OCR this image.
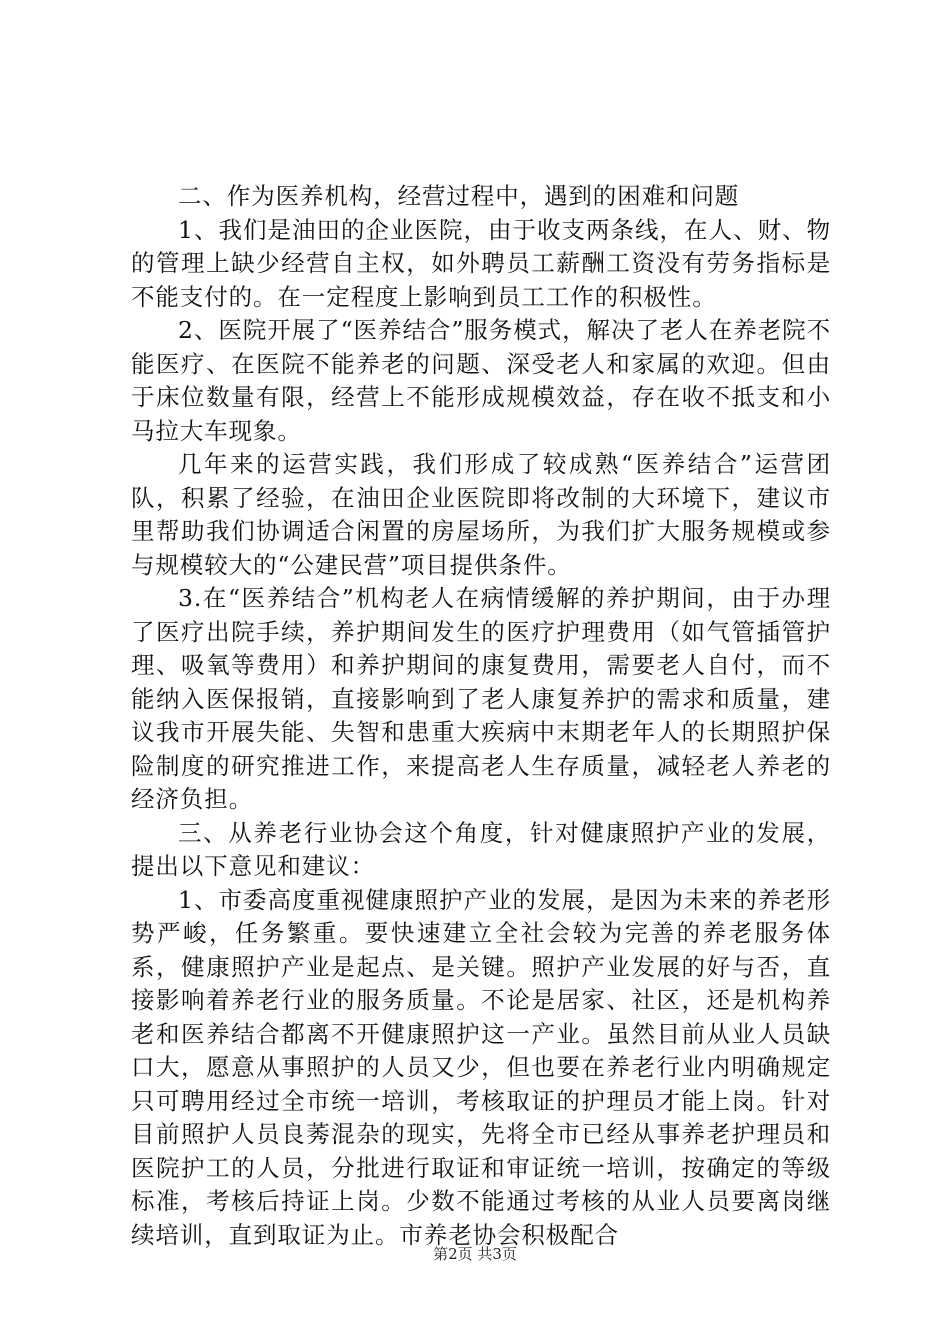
二、作为医养机构，经营过程中，遇到的困难和问题

1、我们是油田的企业医院，由于收支两条线，在人、财、物的管理上缺少经营自主权，如外聘员工薪酬工资没有劳务指标是不能支付的。在一定程度上影响到员工工作的积极性。

2、医院开展了“医养结合”服务模式，解决了老人在养老院不能医疗、在医院不能养老的问题、深受老人和家属的欢迎。但由于床位数量有限，经营上不能形成规模效益，存在收不抵支和小马拉大车现象。

几年来的运营实践，我们形成了较成熟“医养结合”运营团队，积累了经验，在油田企业医院即将改制的大环境下，建议市里帮助我们协调适合闲置的房屋场所，为我们扩大服务规模或参与规模较大的“公建民营”项目提供条件。

3.在“医养结合”机构老人在病情缓解的养护期间，由于办理了医疗出院手续，养护期间发生的医疗护理费用（如气管插管护理、吸氧等费用）和养护期间的康复费用，需要老人自付，而不能纳入医保报销，直接影响到了老人康复养护的需求和质量，建议我市开展失能、失智和患重大疾病中末期老年人的长期照护保险制度的研究推进工作，来提高老人生存质量，减轻老人养老的经济负担。

三、从养老行业协会这个角度，针对健康照护产业的发展，提出以下意见和建议：

1、市委高度重视健康照护产业的发展，是因为未来的养老形势严峻，任务繁重。要快速建立全社会较为完善的养老服务体系，健康照护产业是起点、是关键。照护产业发展的好与否，直接影响着养老行业的服务质量。不论是居家、社区，还是机构养老和医养结合都离不开健康照护这一产业。虽然目前从业人员缺口大，愿意从事照护的人员又少，但也要在养老行业内明确规定只可聘用经过全市统一培训，考核取证的护理员才能上岗。针对目前照护人员良莠混杂的现实，先将全市已经从事养老护理员和医院护工的人员，分批进行取证和审证统一培训，按确定的等级标准，考核后持证上岗。少数不能通过考核的从业人员要离岗继续培训，直到取证为止。市养老协会积极配合

第2页 共3页
